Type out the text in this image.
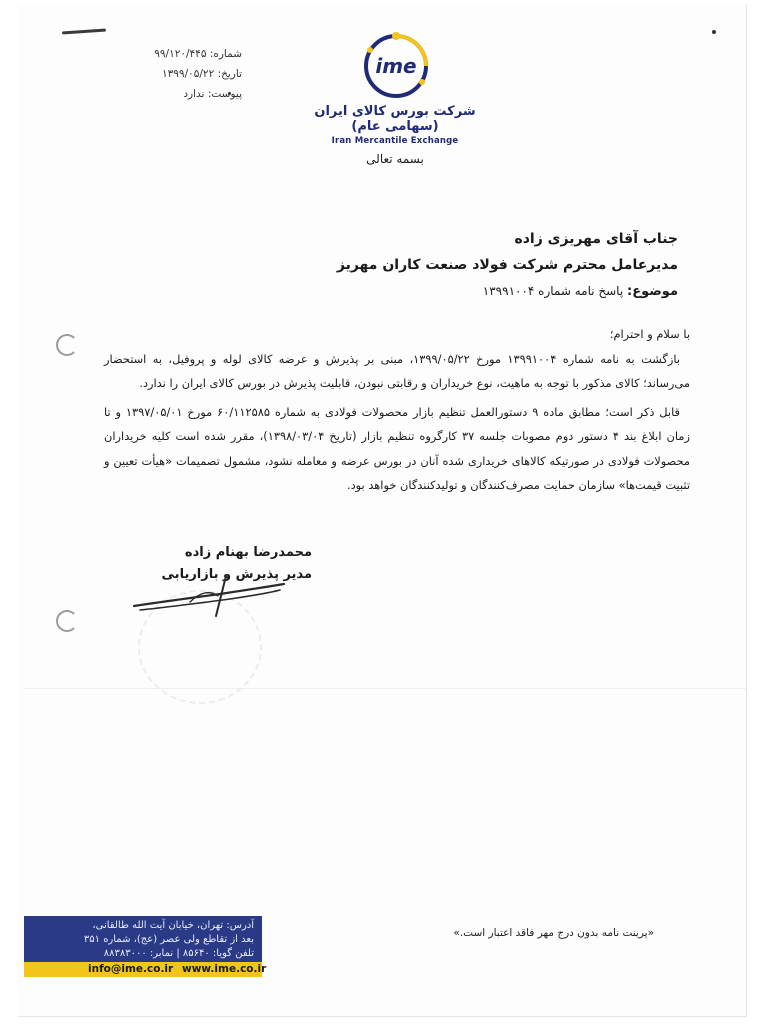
شماره: ۹۹/۱۲۰/۴۴۵
تاریخ: ۱۳۹۹/۰۵/۲۲
پیوست: ندارد
ime
شرکت بورس کالای ایران (سهامی عام)
Iran Mercantile Exchange
بسمه تعالی
جناب آقای مهریزی زاده
مدیرعامل محترم شرکت فولاد صنعت کاران مهریز
موضوع: پاسخ نامه شماره ۱۳۹۹۱۰۰۴

با سلام و احترام؛

بازگشت به نامه شماره ۱۳۹۹۱۰۰۴ مورخ ۱۳۹۹/۰۵/۲۲، مبنی بر پذیرش و عرضه کالای لوله و پروفیل، به استحضار می‌رساند؛ کالای مذکور با توجه به ماهیت، نوع خریداران و رقابتی نبودن، قابلیت پذیرش در بورس کالای ایران را ندارد.

قابل ذکر است؛ مطابق ماده ۹ دستورالعمل تنظیم بازار محصولات فولادی به شماره ۶۰/۱۱۲۵۸۵ مورخ ۱۳۹۷/۰۵/۰۱ و تا زمان ابلاغ بند ۴ دستور دوم مصوبات جلسه ۳۷ کارگروه تنظیم بازار (تاریخ ۱۳۹۸/۰۳/۰۴)، مقرر شده است کلیه خریداران محصولات فولادی در صورتیکه کالاهای خریداری شده آنان در بورس عرضه و معامله نشود، مشمول تصمیمات «هیأت تعیین و تثبیت قیمت‌ها» سازمان حمایت مصرف‌کنندگان و تولیدکنندگان خواهد بود.

محمدرضا بهنام زاده
مدیر پذیرش و بازاریابی
آدرس: تهران، خیابان آیت الله طالقانی،
بعد از تقاطع ولی عصر (عج)، شماره ۳۵۱
تلفن گویا: ۸۵۶۴۰ | نمابر: ۸۸۳۸۳۰۰۰
info@ime.co.ir www.ime.co.ir
«پرینت نامه بدون درج مهر فاقد اعتبار است.»
